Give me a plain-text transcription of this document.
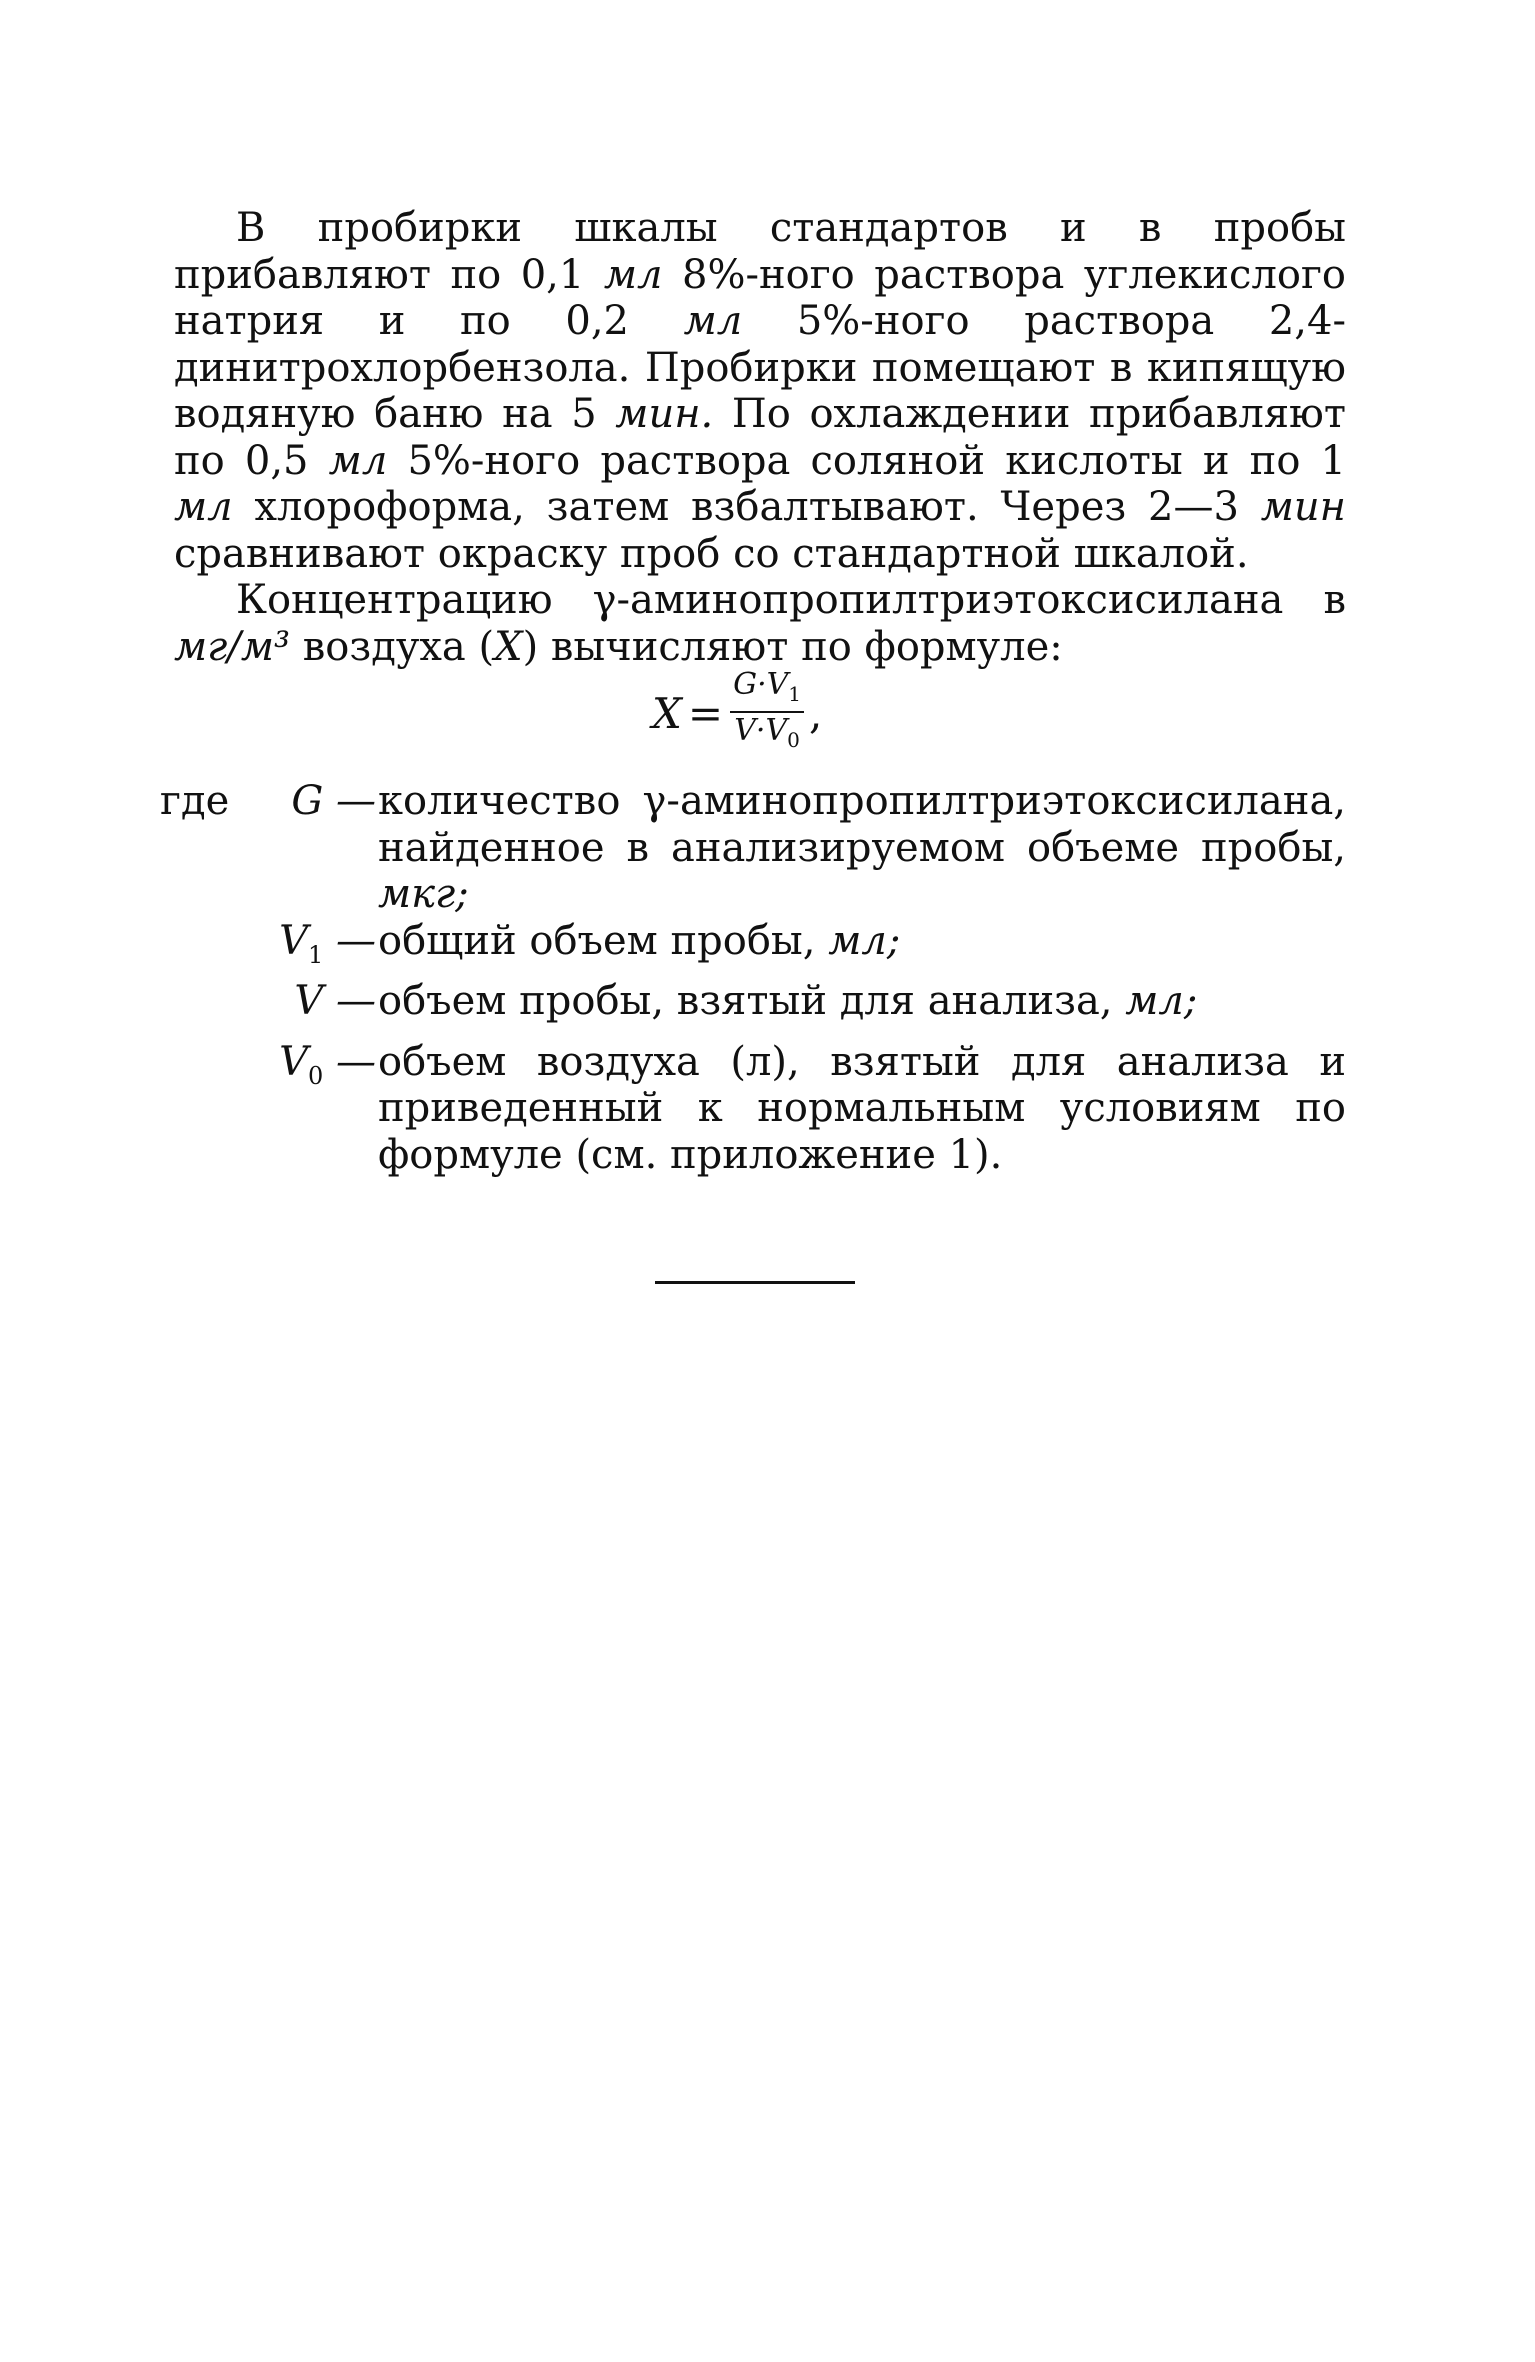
В пробирки шкалы стандартов и в пробы прибавляют по 0,1 мл 8%-ного раствора углекислого натрия и по 0,2 мл 5%-ного раствора 2,4-динитрохлорбензола. Пробирки помещают в кипящую водяную баню на 5 мин. По охлаждении прибавляют по 0,5 мл 5%-ного раствора соляной кислоты и по 1 мл хлороформа, затем взбалтывают. Через 2—3 мин сравнивают окраску проб со стандартной шкалой.

Концентрацию γ-аминопропилтриэтоксисилана в мг/м³ воздуха (X) вычисляют по формуле:

$X = \frac{G\cdot V_1}{V\cdot V_0}$ ,
где	G — количество γ-аминопропилтриэтоксисилана, найденное в анализируемом объеме пробы, мкг;
$V_1$ — общий объем пробы, мл;
V — объем пробы, взятый для анализа, мл;
$V_0$ — объем воздуха (л), взятый для анализа и приведенный к нормальным условиям по формуле (см. приложение 1).
